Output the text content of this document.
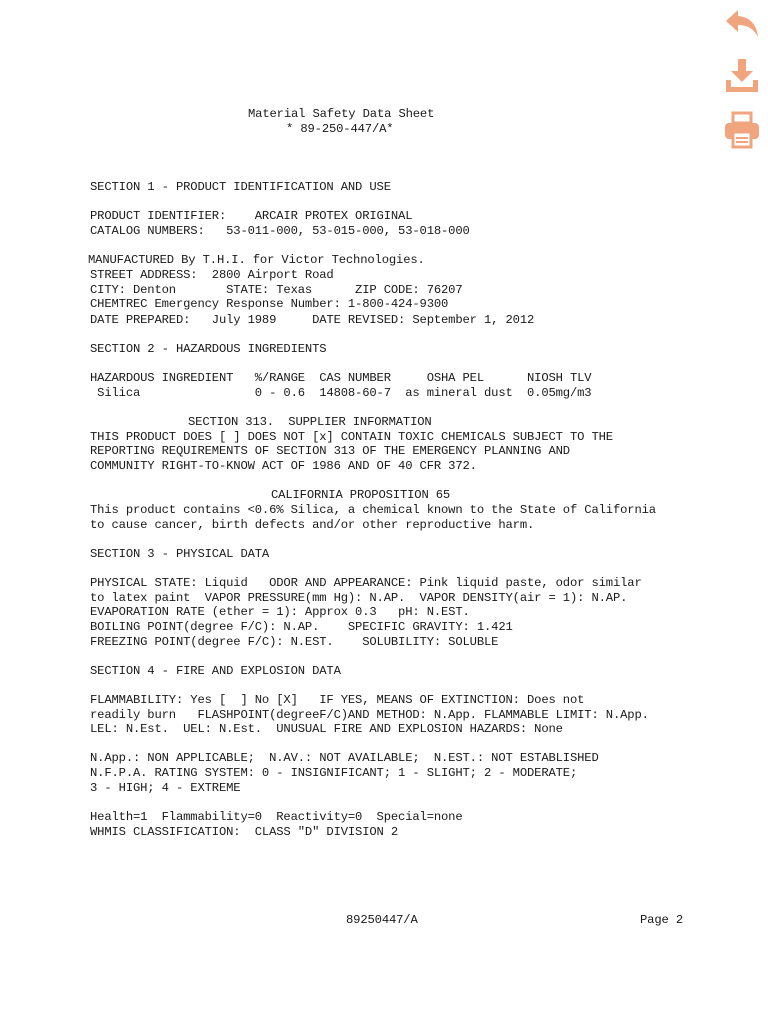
Material Safety Data Sheet
* 89-250-447/A*
SECTION 1 - PRODUCT IDENTIFICATION AND USE
PRODUCT IDENTIFIER:    ARCAIR PROTEX ORIGINAL
CATALOG NUMBERS:   53-011-000, 53-015-000, 53-018-000
MANUFACTURED By T.H.I. for Victor Technologies.
STREET ADDRESS:  2800 Airport Road
CITY: Denton       STATE: Texas      ZIP CODE: 76207
CHEMTREC Emergency Response Number: 1-800-424-9300
DATE PREPARED:   July 1989     DATE REVISED: September 1, 2012
SECTION 2 - HAZARDOUS INGREDIENTS
HAZARDOUS INGREDIENT   %/RANGE  CAS NUMBER     OSHA PEL      NIOSH TLV
Silica                0 - 0.6  14808-60-7  as mineral dust  0.05mg/m3
SECTION 313.  SUPPLIER INFORMATION
THIS PRODUCT DOES [ ] DOES NOT [x] CONTAIN TOXIC CHEMICALS SUBJECT TO THE
REPORTING REQUIREMENTS OF SECTION 313 OF THE EMERGENCY PLANNING AND
COMMUNITY RIGHT-TO-KNOW ACT OF 1986 AND OF 40 CFR 372.
CALIFORNIA PROPOSITION 65
This product contains <0.6% Silica, a chemical known to the State of California
to cause cancer, birth defects and/or other reproductive harm.
SECTION 3 - PHYSICAL DATA
PHYSICAL STATE: Liquid   ODOR AND APPEARANCE: Pink liquid paste, odor similar
to latex paint  VAPOR PRESSURE(mm Hg): N.AP.  VAPOR DENSITY(air = 1): N.AP.
EVAPORATION RATE (ether = 1): Approx 0.3   pH: N.EST.
BOILING POINT(degree F/C): N.AP.    SPECIFIC GRAVITY: 1.421
FREEZING POINT(degree F/C): N.EST.    SOLUBILITY: SOLUBLE
SECTION 4 - FIRE AND EXPLOSION DATA
FLAMMABILITY: Yes [  ] No [X]   IF YES, MEANS OF EXTINCTION: Does not
readily burn   FLASHPOINT(degreeF/C)AND METHOD: N.App. FLAMMABLE LIMIT: N.App.
LEL: N.Est.  UEL: N.Est.  UNUSUAL FIRE AND EXPLOSION HAZARDS: None
N.App.: NON APPLICABLE;  N.AV.: NOT AVAILABLE;  N.EST.: NOT ESTABLISHED
N.F.P.A. RATING SYSTEM: 0 - INSIGNIFICANT; 1 - SLIGHT; 2 - MODERATE;
3 - HIGH; 4 - EXTREME
Health=1  Flammability=0  Reactivity=0  Special=none
WHMIS CLASSIFICATION:  CLASS "D" DIVISION 2
89250447/A	Page 2
